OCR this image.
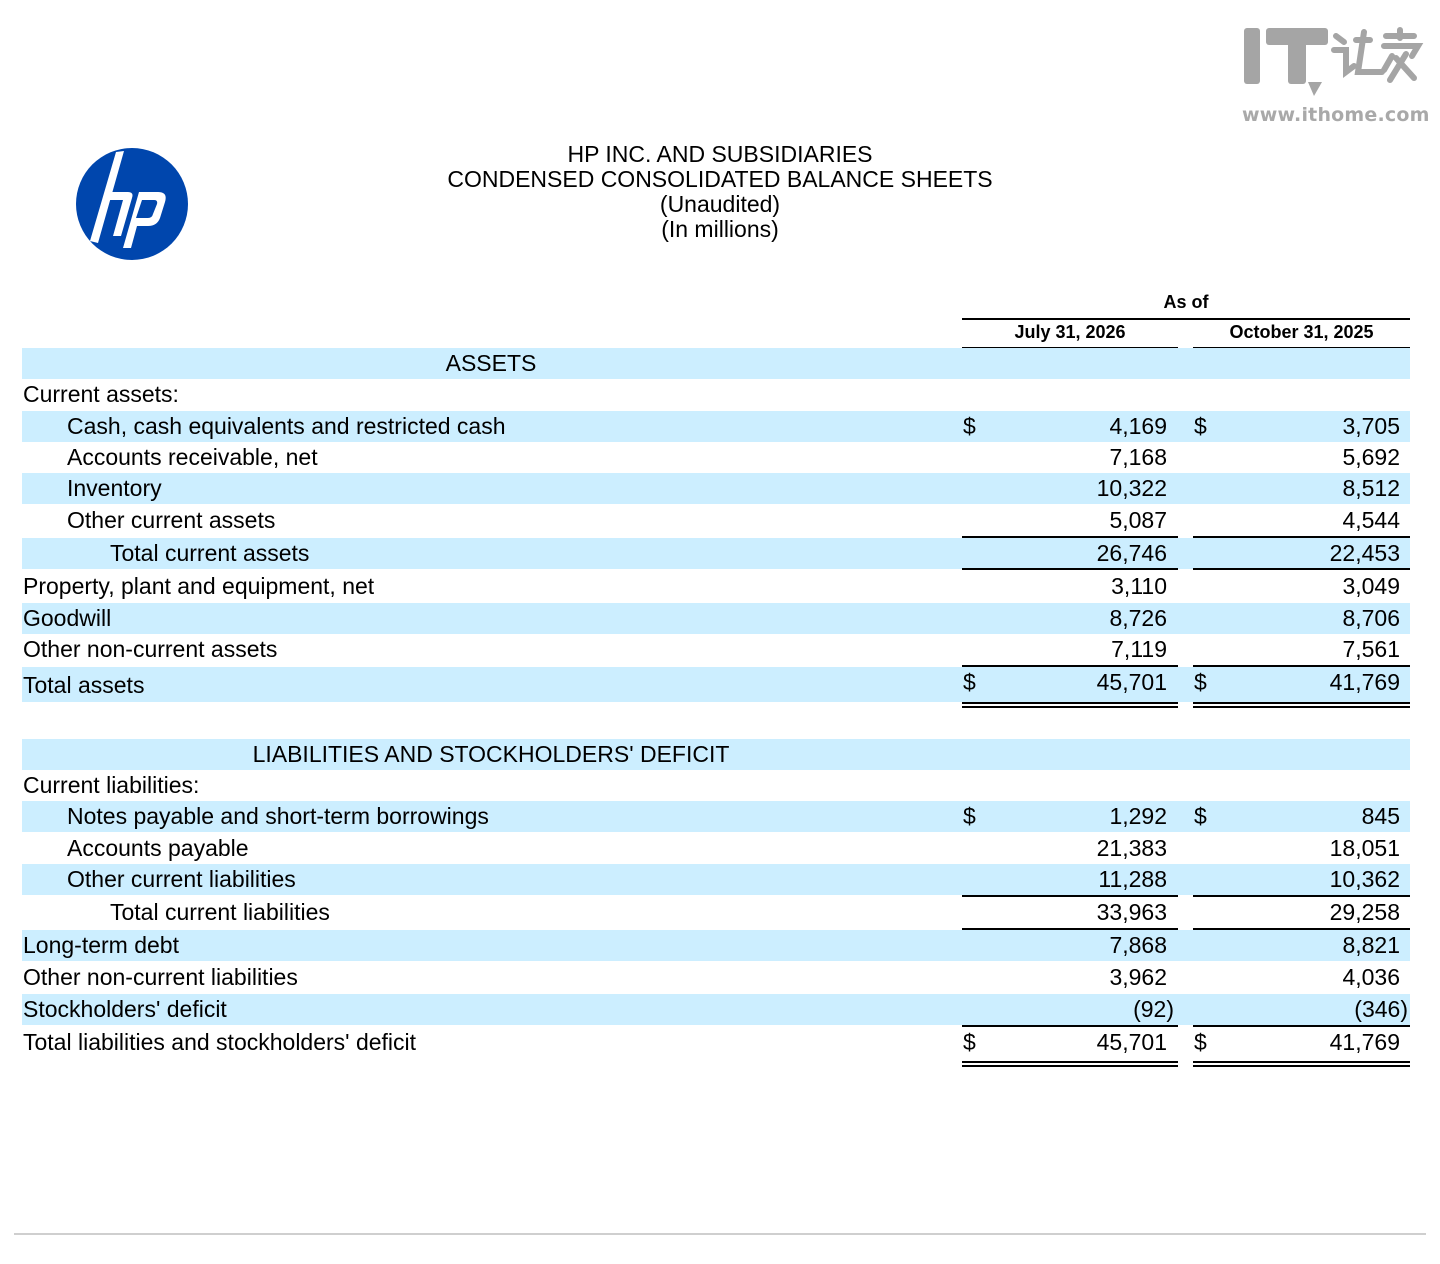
www.ithome.com
HP INC. AND SUBSIDIARIES
CONDENSED CONSOLIDATED BALANCE SHEETS
(Unaudited)
(In millions)
As of
July 31, 2026	October 31, 2025
ASSETS
Current assets:
Cash, cash equivalents and restricted cash	$	4,169 $	3,705
Accounts receivable, net	7,168	5,692
Inventory	10,322	8,512
Other current assets	5,087	4,544
Total current assets	26,746	22,453
Property, plant and equipment, net	3,110	3,049
Goodwill	8,726	8,706
Other non-current assets	7,119	7,561
Total assets	$	45,701 $	41,769
LIABILITIES AND STOCKHOLDERS' DEFICIT
Current liabilities:
Notes payable and short-term borrowings	$	1,292 $	845
Accounts payable	21,383	18,051
Other current liabilities	11,288	10,362
Total current liabilities	33,963	29,258
Long-term debt	7,868	8,821
Other non-current liabilities	3,962	4,036
Stockholders' deficit	(92)	(346)
Total liabilities and stockholders' deficit	$	45,701 $	41,769
